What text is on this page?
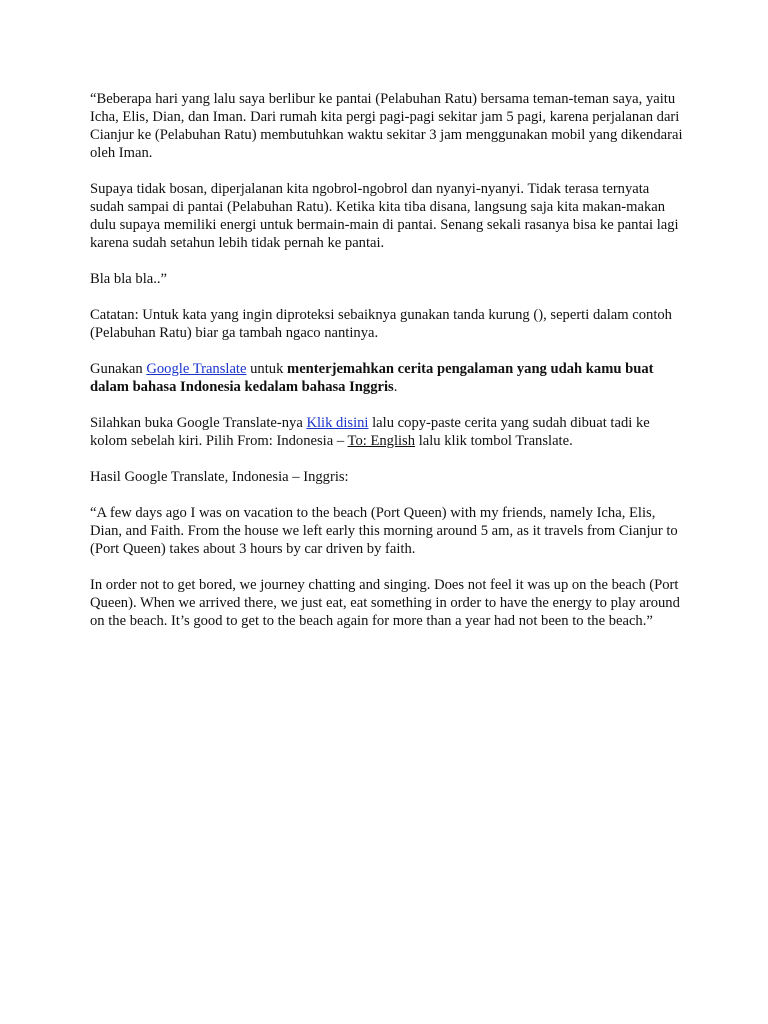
“Beberapa hari yang lalu saya berlibur ke pantai (Pelabuhan Ratu) bersama teman-teman saya, yaitu Icha, Elis, Dian, dan Iman. Dari rumah kita pergi pagi-pagi sekitar jam 5 pagi, karena perjalanan dari Cianjur ke (Pelabuhan Ratu) membutuhkan waktu sekitar 3 jam menggunakan mobil yang dikendarai oleh Iman.

Supaya tidak bosan, diperjalanan kita ngobrol-ngobrol dan nyanyi-nyanyi. Tidak terasa ternyata sudah sampai di pantai (Pelabuhan Ratu). Ketika kita tiba disana, langsung saja kita makan-makan dulu supaya memiliki energi untuk bermain-main di pantai. Senang sekali rasanya bisa ke pantai lagi karena sudah setahun lebih tidak pernah ke pantai.

Bla bla bla..”

Catatan: Untuk kata yang ingin diproteksi sebaiknya gunakan tanda kurung (), seperti dalam contoh (Pelabuhan Ratu) biar ga tambah ngaco nantinya.

Gunakan Google Translate untuk menterjemahkan cerita pengalaman yang udah kamu buat dalam bahasa Indonesia kedalam bahasa Inggris.

Silahkan buka Google Translate-nya Klik disini lalu copy-paste cerita yang sudah dibuat tadi ke kolom sebelah kiri. Pilih From: Indonesia – To: English lalu klik tombol Translate.

Hasil Google Translate, Indonesia – Inggris:

“A few days ago I was on vacation to the beach (Port Queen) with my friends, namely Icha, Elis, Dian, and Faith. From the house we left early this morning around 5 am, as it travels from Cianjur to (Port Queen) takes about 3 hours by car driven by faith.

In order not to get bored, we journey chatting and singing. Does not feel it was up on the beach (Port Queen). When we arrived there, we just eat, eat something in order to have the energy to play around on the beach. It’s good to get to the beach again for more than a year had not been to the beach.”
